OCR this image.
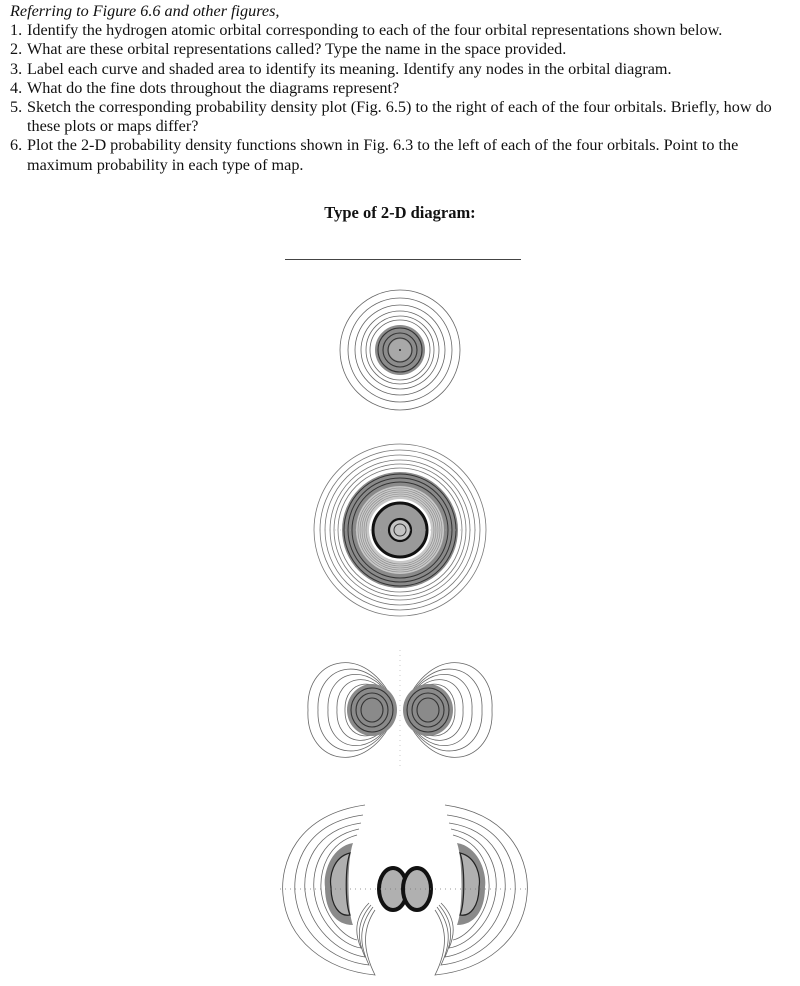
Referring to Figure 6.6 and other figures,
1. Identify the hydrogen atomic orbital corresponding to each of the four orbital representations shown below.
2. What are these orbital representations called? Type the name in the space provided.
3. Label each curve and shaded area to identify its meaning. Identify any nodes in the orbital diagram.
4. What do the fine dots throughout the diagrams represent?
5. Sketch the corresponding probability density plot (Fig. 6.5) to the right of each of the four orbitals. Briefly, how do these plots or maps differ?
6. Plot the 2-D probability density functions shown in Fig. 6.3 to the left of each of the four orbitals. Point to the maximum probability in each type of map.
Type of 2-D diagram:
